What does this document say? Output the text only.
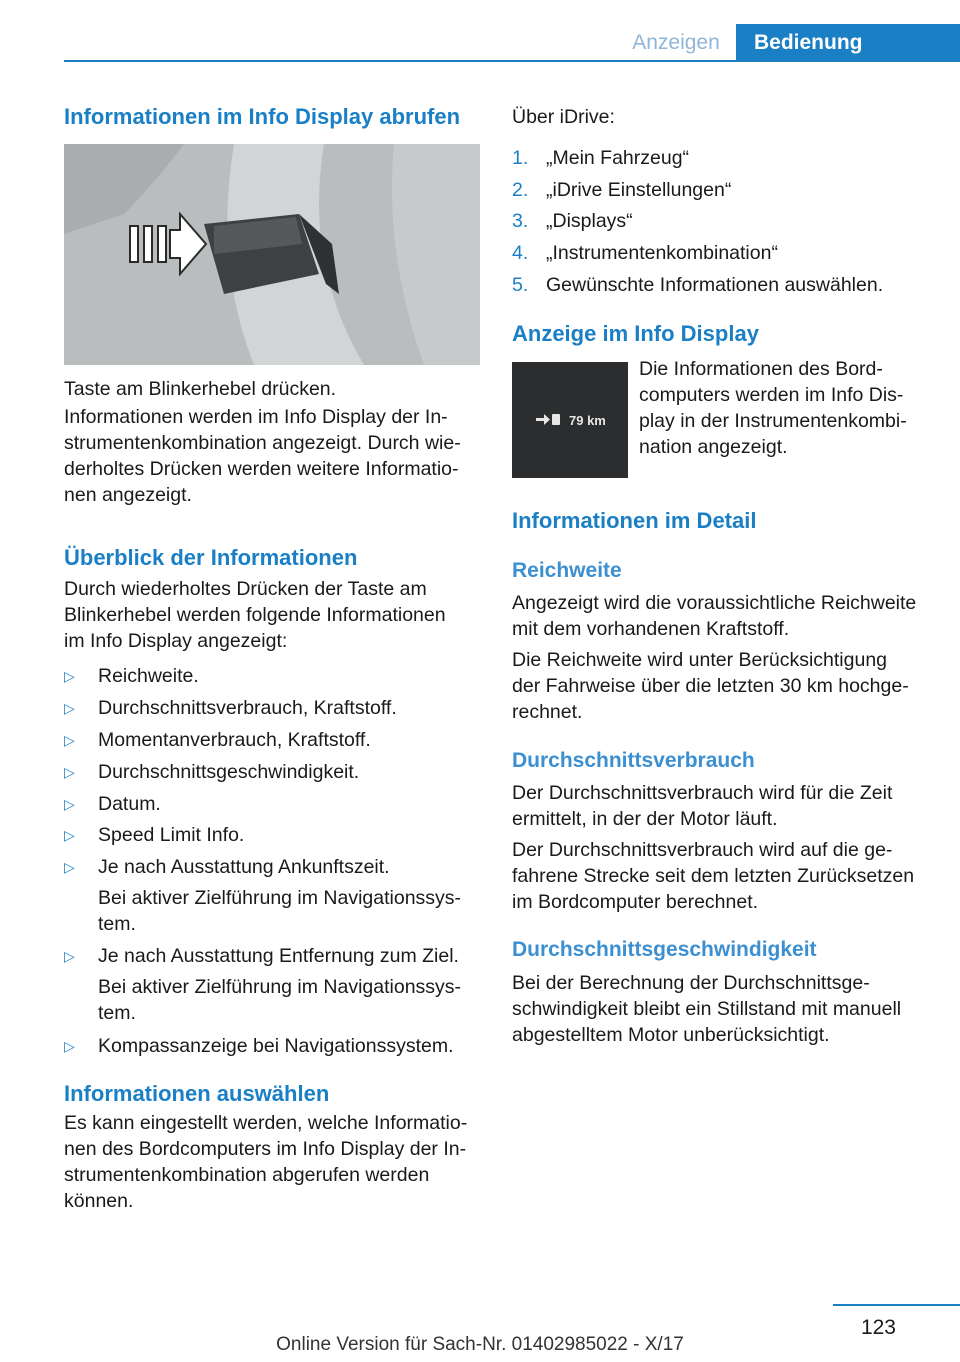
Anzeigen	Bedienung
Informationen im Info Display abrufen
Taste am Blinkerhebel drücken.
Informationen werden im Info Display der In-
strumentenkombination angezeigt. Durch wie-
derholtes Drücken werden weitere Informatio-
nen angezeigt.
Überblick der Informationen
Durch wiederholtes Drücken der Taste am
Blinkerhebel werden folgende Informationen
im Info Display angezeigt:
▷ Reichweite.
▷ Durchschnittsverbrauch, Kraftstoff.
▷ Momentanverbrauch, Kraftstoff.
▷ Durchschnittsgeschwindigkeit.
▷ Datum.
▷ Speed Limit Info.
▷ Je nach Ausstattung Ankunftszeit.
Bei aktiver Zielführung im Navigationssys-
tem.
▷ Je nach Ausstattung Entfernung zum Ziel.
Bei aktiver Zielführung im Navigationssys-
tem.
▷ Kompassanzeige bei Navigationssystem.
Informationen auswählen
Es kann eingestellt werden, welche Informatio-
nen des Bordcomputers im Info Display der In-
strumentenkombination abgerufen werden
können.
Über iDrive:
1. „Mein Fahrzeug“
2. „iDrive Einstellungen“
3. „Displays“
4. „Instrumentenkombination“
5. Gewünschte Informationen auswählen.
Anzeige im Info Display
79 km
Die Informationen des Bord-
computers werden im Info Dis-
play in der Instrumentenkombi-
nation angezeigt.
Informationen im Detail
Reichweite
Angezeigt wird die voraussichtliche Reichweite
mit dem vorhandenen Kraftstoff.
Die Reichweite wird unter Berücksichtigung
der Fahrweise über die letzten 30 km hochge-
rechnet.
Durchschnittsverbrauch
Der Durchschnittsverbrauch wird für die Zeit
ermittelt, in der der Motor läuft.
Der Durchschnittsverbrauch wird auf die ge-
fahrene Strecke seit dem letzten Zurücksetzen
im Bordcomputer berechnet.
Durchschnittsgeschwindigkeit
Bei der Berechnung der Durchschnittsge-
schwindigkeit bleibt ein Stillstand mit manuell
abgestelltem Motor unberücksichtigt.
123
Online Version für Sach-Nr. 01402985022 - X/17
